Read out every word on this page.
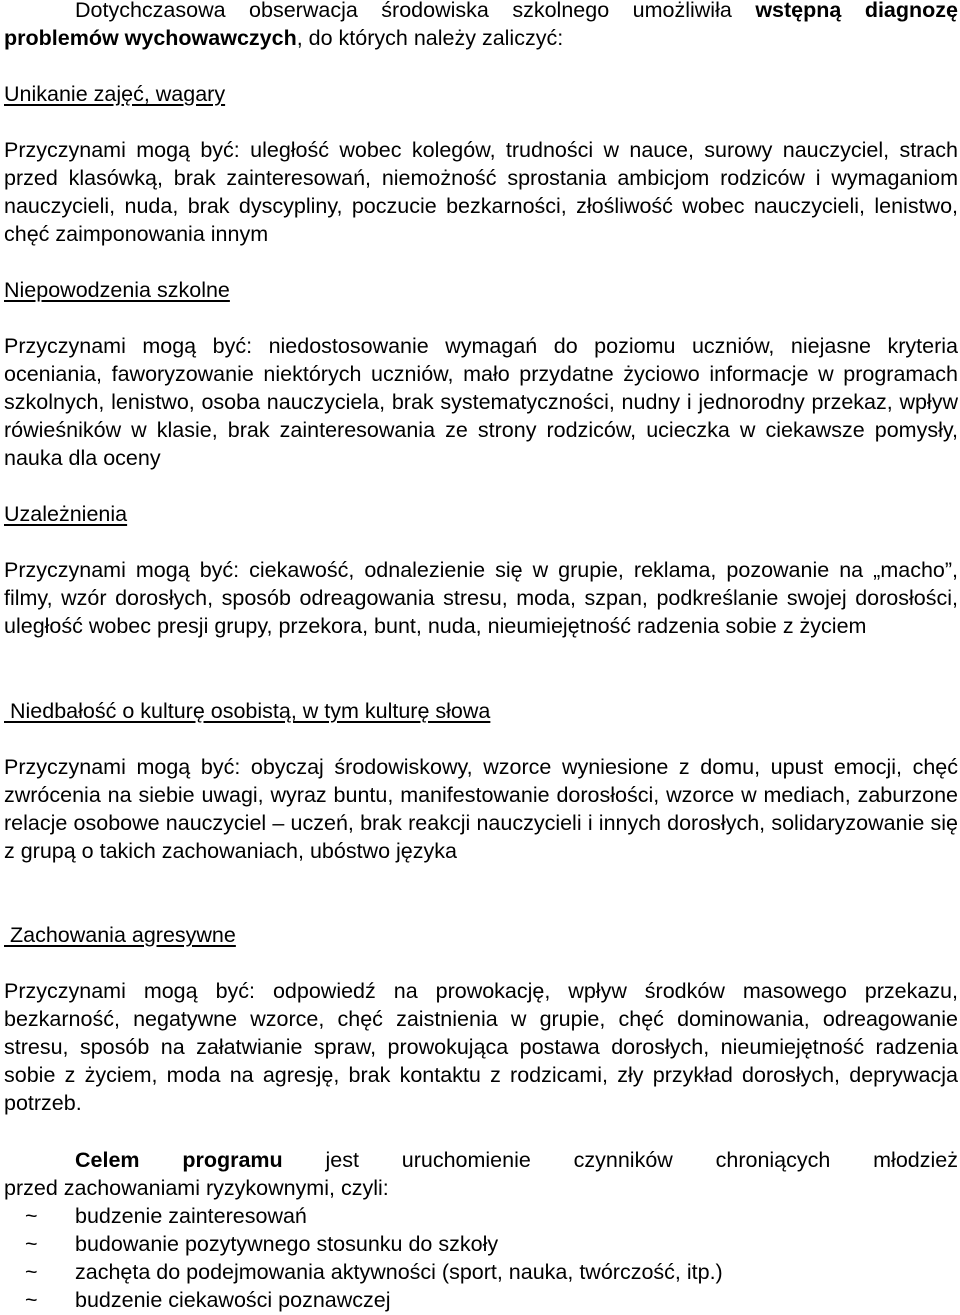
Dotychczasowa obserwacja środowiska szkolnego umożliwiła wstępną diagnozę problemów wychowawczych, do których należy zaliczyć:

Unikanie zajęć, wagary

Przyczynami mogą być: uległość wobec kolegów, trudności w nauce, surowy nauczyciel, strach przed klasówką, brak zainteresowań, niemożność sprostania ambicjom rodziców i wymaganiom nauczycieli, nuda, brak dyscypliny, poczucie bezkarności, złośliwość wobec nauczycieli, lenistwo, chęć zaimponowania innym

Niepowodzenia szkolne

Przyczynami mogą być: niedostosowanie wymagań do poziomu uczniów, niejasne kryteria oceniania, faworyzowanie niektórych uczniów, mało przydatne życiowo informacje w programach szkolnych, lenistwo, osoba nauczyciela, brak systematyczności, nudny i jednorodny przekaz, wpływ rówieśników w klasie, brak zainteresowania ze strony rodziców, ucieczka w ciekawsze pomysły, nauka dla oceny

Uzależnienia

Przyczynami mogą być: ciekawość, odnalezienie się w grupie, reklama, pozowanie na „macho”, filmy, wzór dorosłych, sposób odreagowania stresu, moda, szpan, podkreślanie swojej dorosłości, uległość wobec presji grupy, przekora, bunt, nuda, nieumiejętność radzenia sobie z życiem

Niedbałość o kulturę osobistą, w tym kulturę słowa

Przyczynami mogą być: obyczaj środowiskowy, wzorce wyniesione z domu, upust emocji, chęć zwrócenia na siebie uwagi, wyraz buntu, manifestowanie dorosłości, wzorce w mediach, zaburzone relacje osobowe nauczyciel – uczeń, brak reakcji nauczycieli i innych dorosłych, solidaryzowanie się z grupą o takich zachowaniach, ubóstwo języka

Zachowania agresywne

Przyczynami mogą być: odpowiedź na prowokację, wpływ środków masowego przekazu, bezkarność, negatywne wzorce, chęć zaistnienia w grupie, chęć dominowania, odreagowanie stresu, sposób na załatwianie spraw, prowokująca postawa dorosłych, nieumiejętność radzenia sobie z życiem, moda na agresję, brak kontaktu z rodzicami, zły przykład dorosłych, deprywacja potrzeb.

Celem programu jest uruchomienie czynników chroniących młodzież

przed zachowaniami ryzykownymi, czyli:

~ budzenie zainteresowań
~ budowanie pozytywnego stosunku do szkoły
~ zachęta do podejmowania aktywności (sport, nauka, twórczość, itp.)
~ budzenie ciekawości poznawczej
